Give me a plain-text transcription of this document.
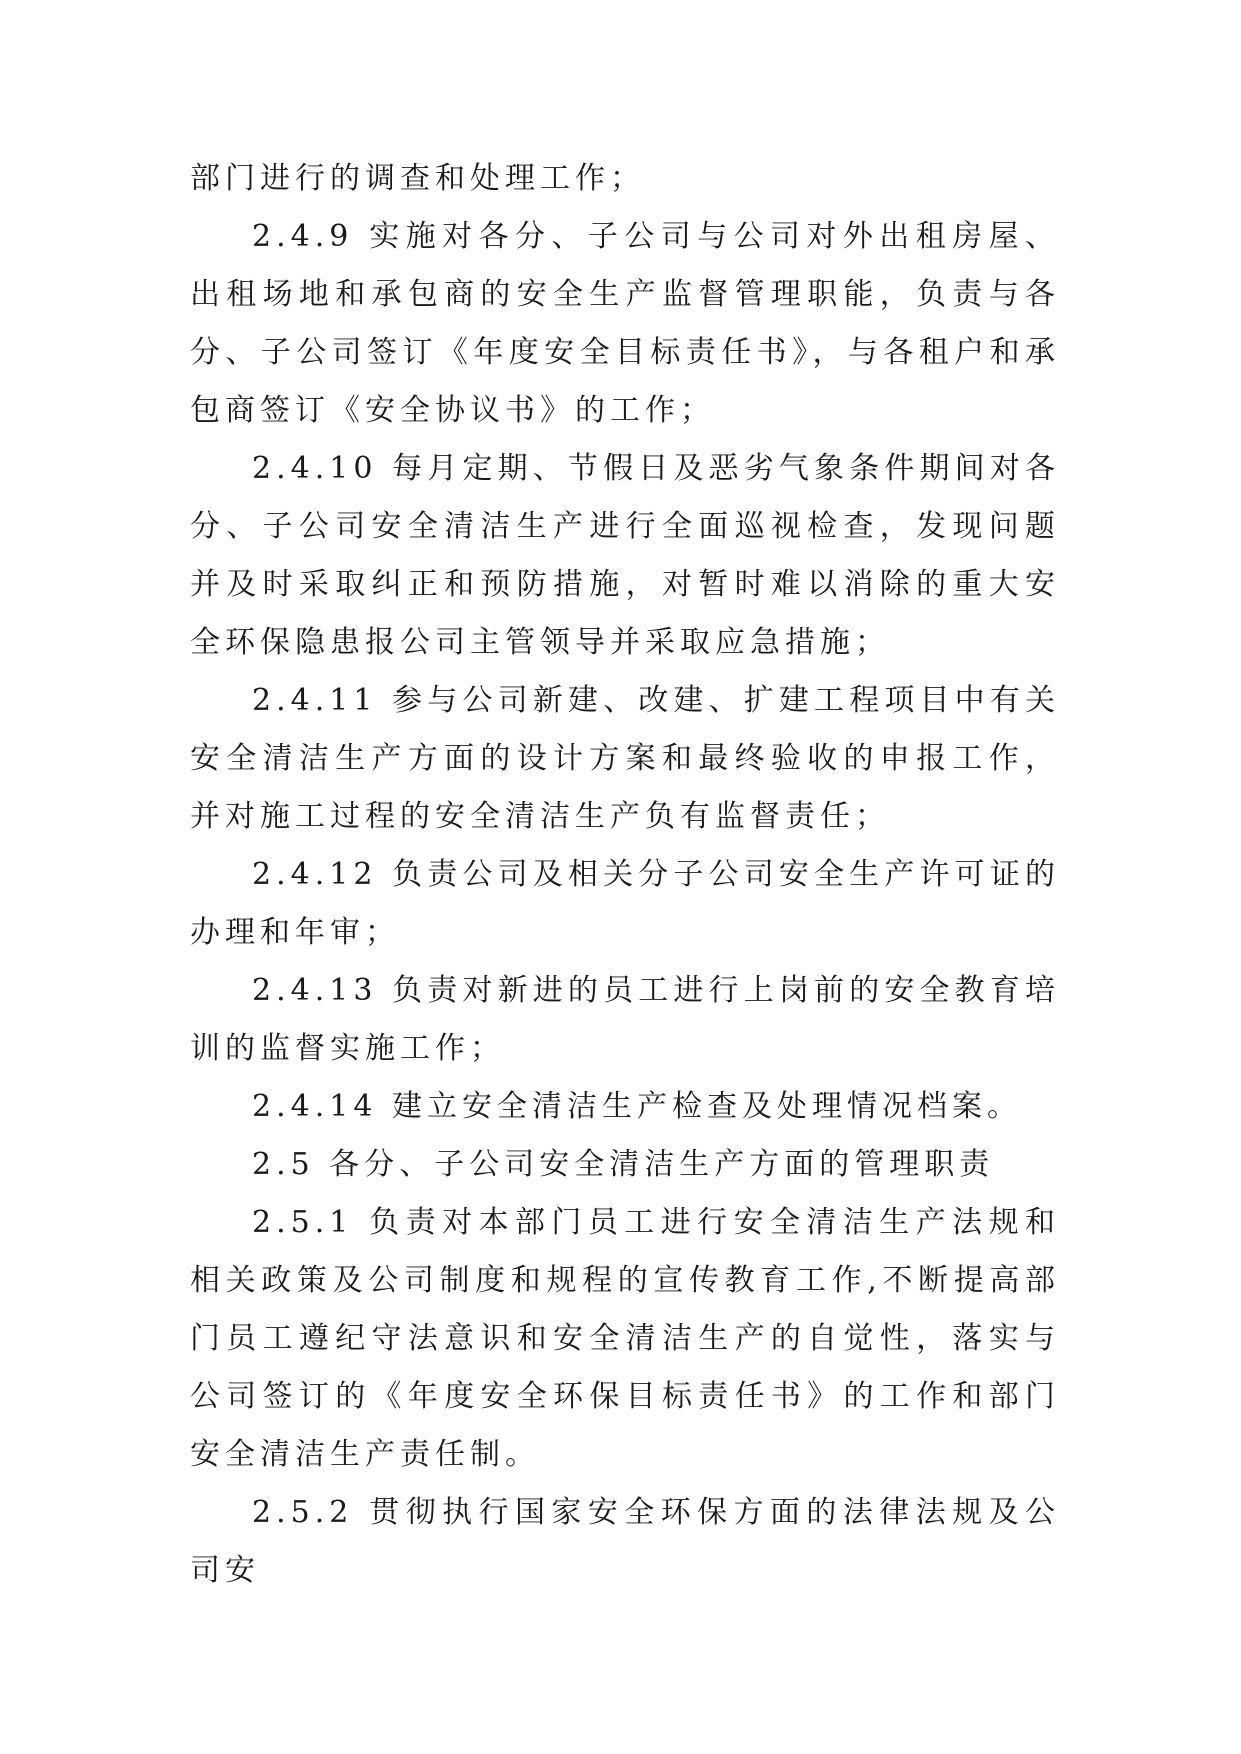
部门进行的调查和处理工作；

2.4.9 实施对各分、子公司与公司对外出租房屋、出租场地和承包商的安全生产监督管理职能，负责与各分、子公司签订《年度安全目标责任书》，与各租户和承包商签订《安全协议书》的工作；

2.4.10 每月定期、节假日及恶劣气象条件期间对各分、子公司安全清洁生产进行全面巡视检查，发现问题并及时采取纠正和预防措施，对暂时难以消除的重大安全环保隐患报公司主管领导并采取应急措施；

2.4.11 参与公司新建、改建、扩建工程项目中有关安全清洁生产方面的设计方案和最终验收的申报工作，并对施工过程的安全清洁生产负有监督责任；

2.4.12 负责公司及相关分子公司安全生产许可证的办理和年审；

2.4.13 负责对新进的员工进行上岗前的安全教育培训的监督实施工作；

2.4.14 建立安全清洁生产检查及处理情况档案。

2.5 各分、子公司安全清洁生产方面的管理职责

2.5.1 负责对本部门员工进行安全清洁生产法规和相关政策及公司制度和规程的宣传教育工作,不断提高部门员工遵纪守法意识和安全清洁生产的自觉性，落实与公司签订的《年度安全环保目标责任书》的工作和部门安全清洁生产责任制。

2.5.2 贯彻执行国家安全环保方面的法律法规及公司安
